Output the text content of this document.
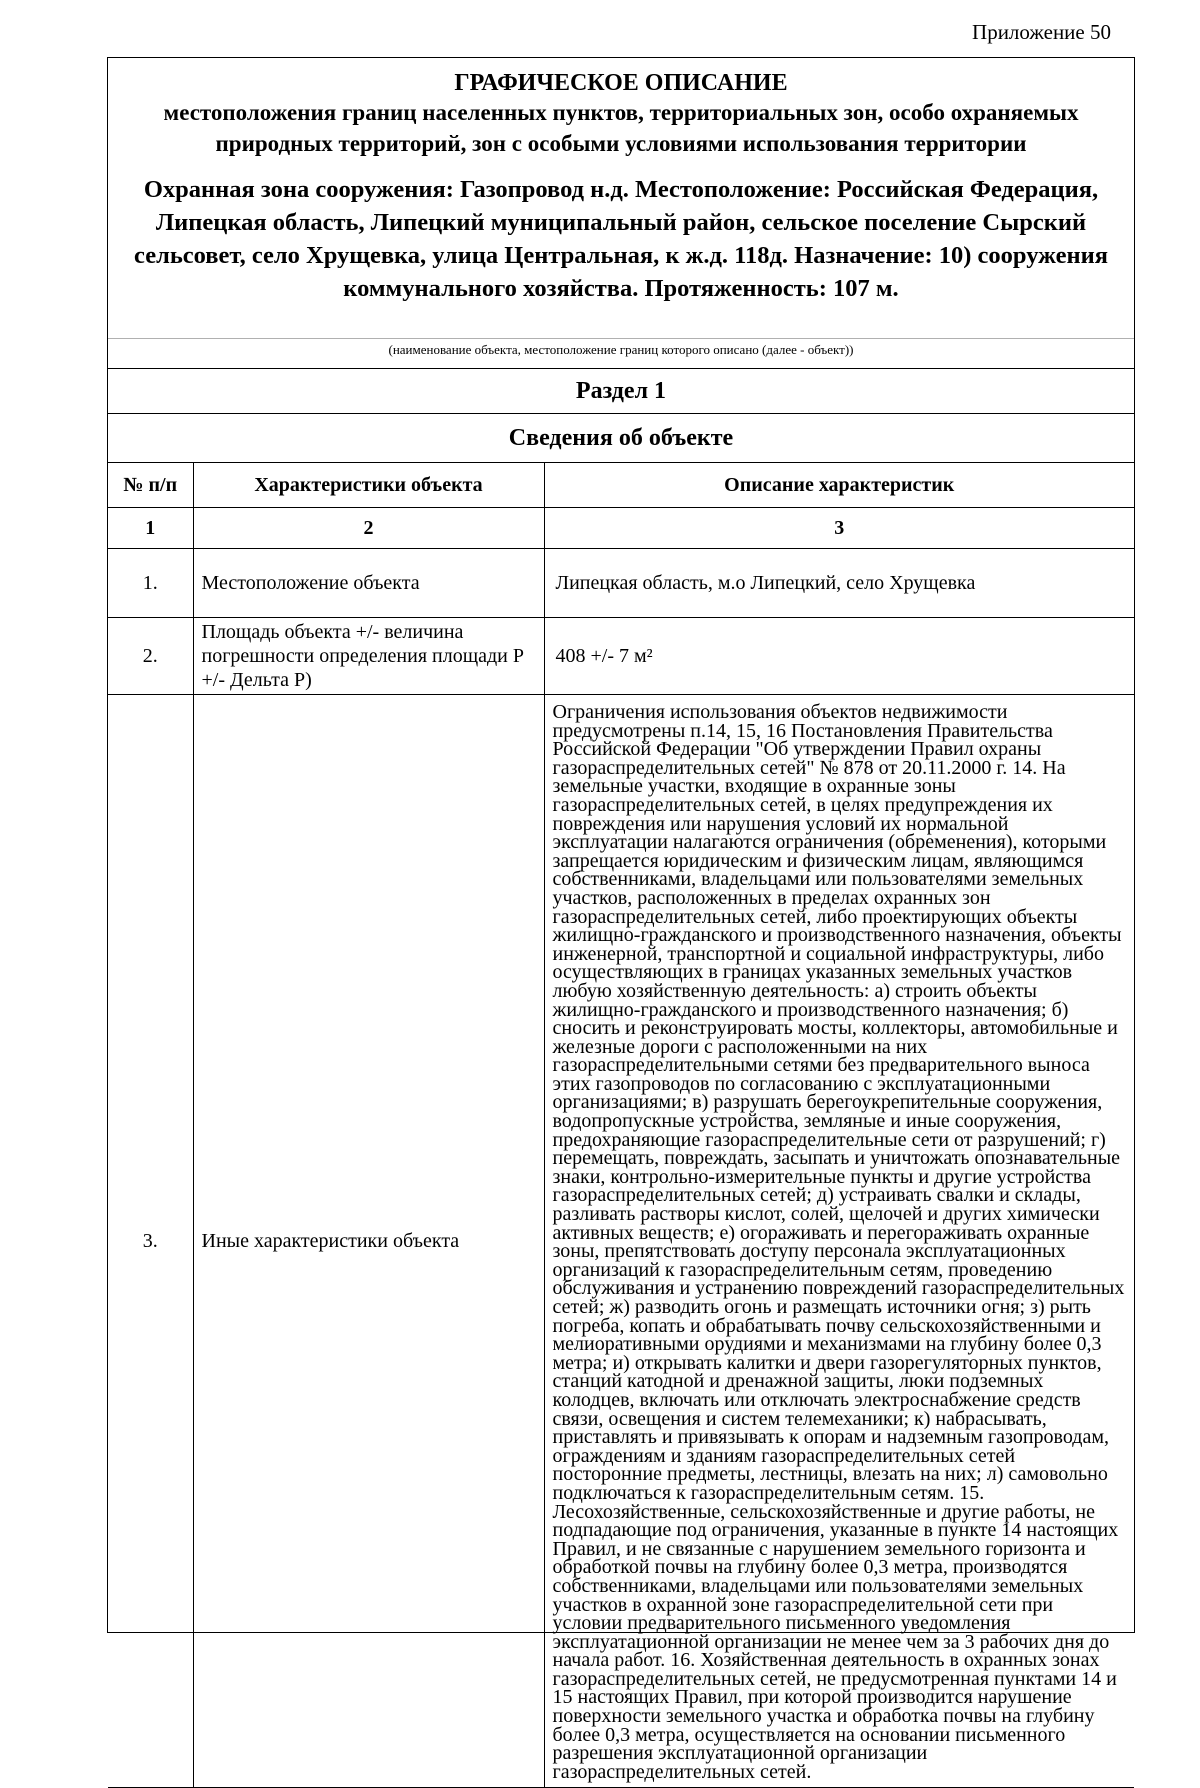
Приложение 50
ГРАФИЧЕСКОЕ ОПИСАНИЕ
местоположения границ населенных пунктов, территориальных зон, особо охраняемых природных территорий, зон с особыми условиями использования территории
Охранная зона сооружения: Газопровод н.д. Местоположение: Российская Федерация, Липецкая область, Липецкий муниципальный район, сельское поселение Сырский сельсовет, село Хрущевка, улица Центральная, к ж.д. 118д. Назначение: 10) сооружения коммунального хозяйства. Протяженность: 107 м.
(наименование объекта, местоположение границ которого описано (далее - объект))
Раздел 1
Сведения об объекте
№ п/п	Характеристики объекта	Описание характеристик
1	2	3
1.	Местоположение объекта	Липецкая область, м.о Липецкий, село Хрущевка
2.	Площадь объекта +/- величина погрешности определения площади P +/- Дельта P)	408 +/- 7 м²
3.	Иные характеристики объекта	Ограничения использования объектов недвижимости предусмотрены п.14, 15, 16 Постановления Правительства Российской Федерации "Об утверждении Правил охраны газораспределительных сетей" № 878 от 20.11.2000 г. 14. На земельные участки, входящие в охранные зоны газораспределительных сетей, в целях предупреждения их повреждения или нарушения условий их нормальной эксплуатации налагаются ограничения (обременения), которыми запрещается юридическим и физическим лицам, являющимся собственниками, владельцами или пользователями земельных участков, расположенных в пределах охранных зон газораспределительных сетей, либо проектирующих объекты жилищно-гражданского и производственного назначения, объекты инженерной, транспортной и социальной инфраструктуры, либо осуществляющих в границах указанных земельных участков любую хозяйственную деятельность: а) строить объекты жилищно-гражданского и производственного назначения; б) сносить и реконструировать мосты, коллекторы, автомобильные и железные дороги с расположенными на них газораспределительными сетями без предварительного выноса этих газопроводов по согласованию с эксплуатационными организациями; в) разрушать берегоукрепительные сооружения, водопропускные устройства, земляные и иные сооружения, предохраняющие газораспределительные сети от разрушений; г) перемещать, повреждать, засыпать и уничтожать опознавательные знаки, контрольно-измерительные пункты и другие устройства газораспределительных сетей; д) устраивать свалки и склады, разливать растворы кислот, солей, щелочей и других химически активных веществ; е) огораживать и перегораживать охранные зоны, препятствовать доступу персонала эксплуатационных организаций к газораспределительным сетям, проведению обслуживания и устранению повреждений газораспределительных сетей; ж) разводить огонь и размещать источники огня; з) рыть погреба, копать и обрабатывать почву сельскохозяйственными и мелиоративными орудиями и механизмами на глубину более 0,3 метра; и) открывать калитки и двери газорегуляторных пунктов, станций катодной и дренажной защиты, люки подземных колодцев, включать или отключать электроснабжение средств связи, освещения и систем телемеханики; к) набрасывать, приставлять и привязывать к опорам и надземным газопроводам, ограждениям и зданиям газораспределительных сетей посторонние предметы, лестницы, влезать на них; л) самовольно подключаться к газораспределительным сетям. 15. Лесохозяйственные, сельскохозяйственные и другие работы, не подпадающие под ограничения, указанные в пункте 14 настоящих Правил, и не связанные с нарушением земельного горизонта и обработкой почвы на глубину более 0,3 метра, производятся собственниками, владельцами или пользователями земельных участков в охранной зоне газораспределительной сети при условии предварительного письменного уведомления эксплуатационной организации не менее чем за 3 рабочих дня до начала работ. 16. Хозяйственная деятельность в охранных зонах газораспределительных сетей, не предусмотренная пунктами 14 и 15 настоящих Правил, при которой производится нарушение поверхности земельного участка и обработка почвы на глубину более 0,3 метра, осуществляется на основании письменного разрешения эксплуатационной организации газораспределительных сетей.
